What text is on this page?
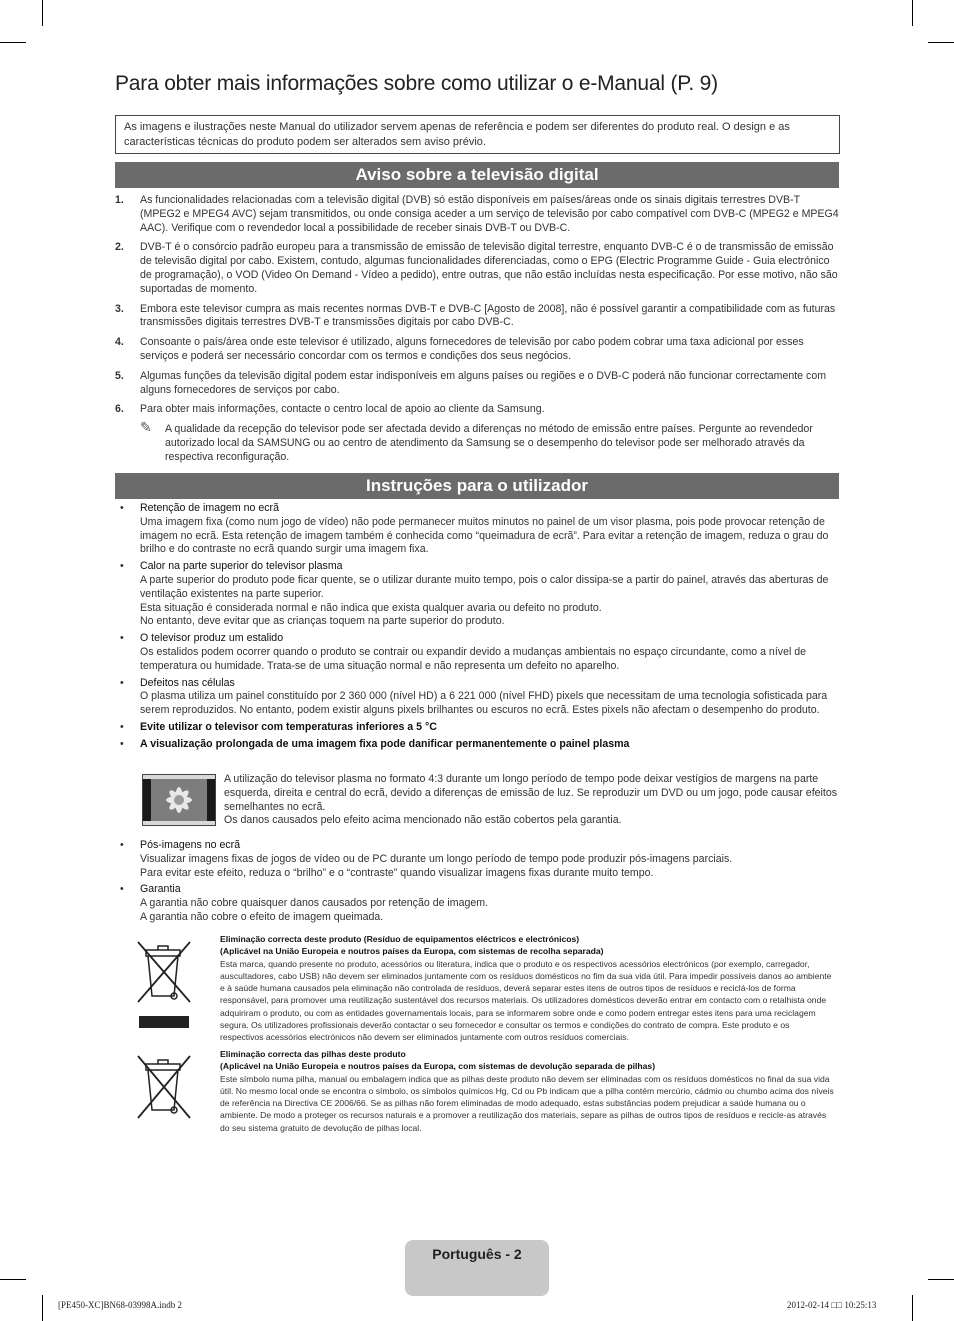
Para obter mais informações sobre como utilizar o e-Manual (P. 9)
As imagens e ilustrações neste Manual do utilizador servem apenas de referência e podem ser diferentes do produto real. O design e as características técnicas do produto podem ser alterados sem aviso prévio.
Aviso sobre a televisão digital
1. As funcionalidades relacionadas com a televisão digital (DVB) só estão disponíveis em países/áreas onde os sinais digitais terrestres DVB-T (MPEG2 e MPEG4 AVC) sejam transmitidos, ou onde consiga aceder a um serviço de televisão por cabo compatível com DVB-C (MPEG2 e MPEG4 AAC). Verifique com o revendedor local a possibilidade de receber sinais DVB-T ou DVB-C.
2. DVB-T é o consórcio padrão europeu para a transmissão de emissão de televisão digital terrestre, enquanto DVB-C é o de transmissão de emissão de televisão digital por cabo. Existem, contudo, algumas funcionalidades diferenciadas, como o EPG (Electric Programme Guide - Guia electrónico de programação), o VOD (Video On Demand - Vídeo a pedido), entre outras, que não estão incluídas nesta especificação. Por esse motivo, não são suportadas de momento.
3. Embora este televisor cumpra as mais recentes normas DVB-T e DVB-C [Agosto de 2008], não é possível garantir a compatibilidade com as futuras transmissões digitais terrestres DVB-T e transmissões digitais por cabo DVB-C.
4. Consoante o país/área onde este televisor é utilizado, alguns fornecedores de televisão por cabo podem cobrar uma taxa adicional por esses serviços e poderá ser necessário concordar com os termos e condições dos seus negócios.
5. Algumas funções da televisão digital podem estar indisponíveis em alguns países ou regiões e o DVB-C poderá não funcionar correctamente com alguns fornecedores de serviços por cabo.
6. Para obter mais informações, contacte o centro local de apoio ao cliente da Samsung.
✎ A qualidade da recepção do televisor pode ser afectada devido a diferenças no método de emissão entre países. Pergunte ao revendedor autorizado local da SAMSUNG ou ao centro de atendimento da Samsung se o desempenho do televisor pode ser melhorado através da respectiva reconfiguração.
Instruções para o utilizador
• Retenção de imagem no ecrã
Uma imagem fixa (como num jogo de vídeo) não pode permanecer muitos minutos no painel de um visor plasma, pois pode provocar retenção de imagem no ecrã. Esta retenção de imagem também é conhecida como “queimadura de ecrã”. Para evitar a retenção de imagem, reduza o grau do brilho e do contraste no ecrã quando surgir uma imagem fixa.
• Calor na parte superior do televisor plasma
A parte superior do produto pode ficar quente, se o utilizar durante muito tempo, pois o calor dissipa-se a partir do painel, através das aberturas de ventilação existentes na parte superior.
Esta situação é considerada normal e não indica que exista qualquer avaria ou defeito no produto.
No entanto, deve evitar que as crianças toquem na parte superior do produto.
• O televisor produz um estalido
Os estalidos podem ocorrer quando o produto se contrair ou expandir devido a mudanças ambientais no espaço circundante, como a nível de temperatura ou humidade. Trata-se de uma situação normal e não representa um defeito no aparelho.
• Defeitos nas células
O plasma utiliza um painel constituído por 2 360 000 (nível HD) a 6 221 000 (nível FHD) pixels que necessitam de uma tecnologia sofisticada para serem reproduzidos. No entanto, podem existir alguns pixels brilhantes ou escuros no ecrã. Estes pixels não afectam o desempenho do produto.
• Evite utilizar o televisor com temperaturas inferiores a 5 °C
• A visualização prolongada de uma imagem fixa pode danificar permanentemente o painel plasma
A utilização do televisor plasma no formato 4:3 durante um longo período de tempo pode deixar vestígios de margens na parte esquerda, direita e central do ecrã, devido a diferenças de emissão de luz. Se reproduzir um DVD ou um jogo, pode causar efeitos semelhantes no ecrã.
Os danos causados pelo efeito acima mencionado não estão cobertos pela garantia.
• Pós-imagens no ecrã
Visualizar imagens fixas de jogos de vídeo ou de PC durante um longo período de tempo pode produzir pós-imagens parciais.
Para evitar este efeito, reduza o “brilho” e o “contraste” quando visualizar imagens fixas durante muito tempo.
• Garantia
A garantia não cobre quaisquer danos causados por retenção de imagem.
A garantia não cobre o efeito de imagem queimada.
Eliminação correcta deste produto (Resíduo de equipamentos eléctricos e electrónicos)
(Aplicável na União Europeia e noutros países da Europa, com sistemas de recolha separada)
Esta marca, quando presente no produto, acessórios ou literatura, indica que o produto e os respectivos acessórios electrónicos (por exemplo, carregador, auscultadores, cabo USB) não devem ser eliminados juntamente com os resíduos domésticos no fim da sua vida útil. Para impedir possíveis danos ao ambiente e à saúde humana causados pela eliminação não controlada de resíduos, deverá separar estes itens de outros tipos de resíduos e reciclá-los de forma responsável, para promover uma reutilização sustentável dos recursos materiais. Os utilizadores domésticos deverão entrar em contacto com o retalhista onde adquiriram o produto, ou com as entidades governamentais locais, para se informarem sobre onde e como podem entregar estes itens para uma reciclagem segura. Os utilizadores profissionais deverão contactar o seu fornecedor e consultar os termos e condições do contrato de compra. Este produto e os respectivos acessórios electrónicos não devem ser eliminados juntamente com outros resíduos comerciais.
Eliminação correcta das pilhas deste produto
(Aplicável na União Europeia e noutros países da Europa, com sistemas de devolução separada de pilhas)
Este símbolo numa pilha, manual ou embalagem indica que as pilhas deste produto não devem ser eliminadas com os resíduos domésticos no final da sua vida útil. No mesmo local onde se encontra o símbolo, os símbolos químicos Hg, Cd ou Pb indicam que a pilha contém mercúrio, cádmio ou chumbo acima dos níveis de referência na Directiva CE 2006/66. Se as pilhas não forem eliminadas de modo adequado, estas substâncias podem prejudicar a saúde humana ou o ambiente. De modo a proteger os recursos naturais e a promover a reutilização dos materiais, separe as pilhas de outros tipos de resíduos e recicle-as através do seu sistema gratuito de devolução de pilhas local.
Português - 2
[PE450-XC]BN68-03998A.indb 2	2012-02-14 □□ 10:25:13
